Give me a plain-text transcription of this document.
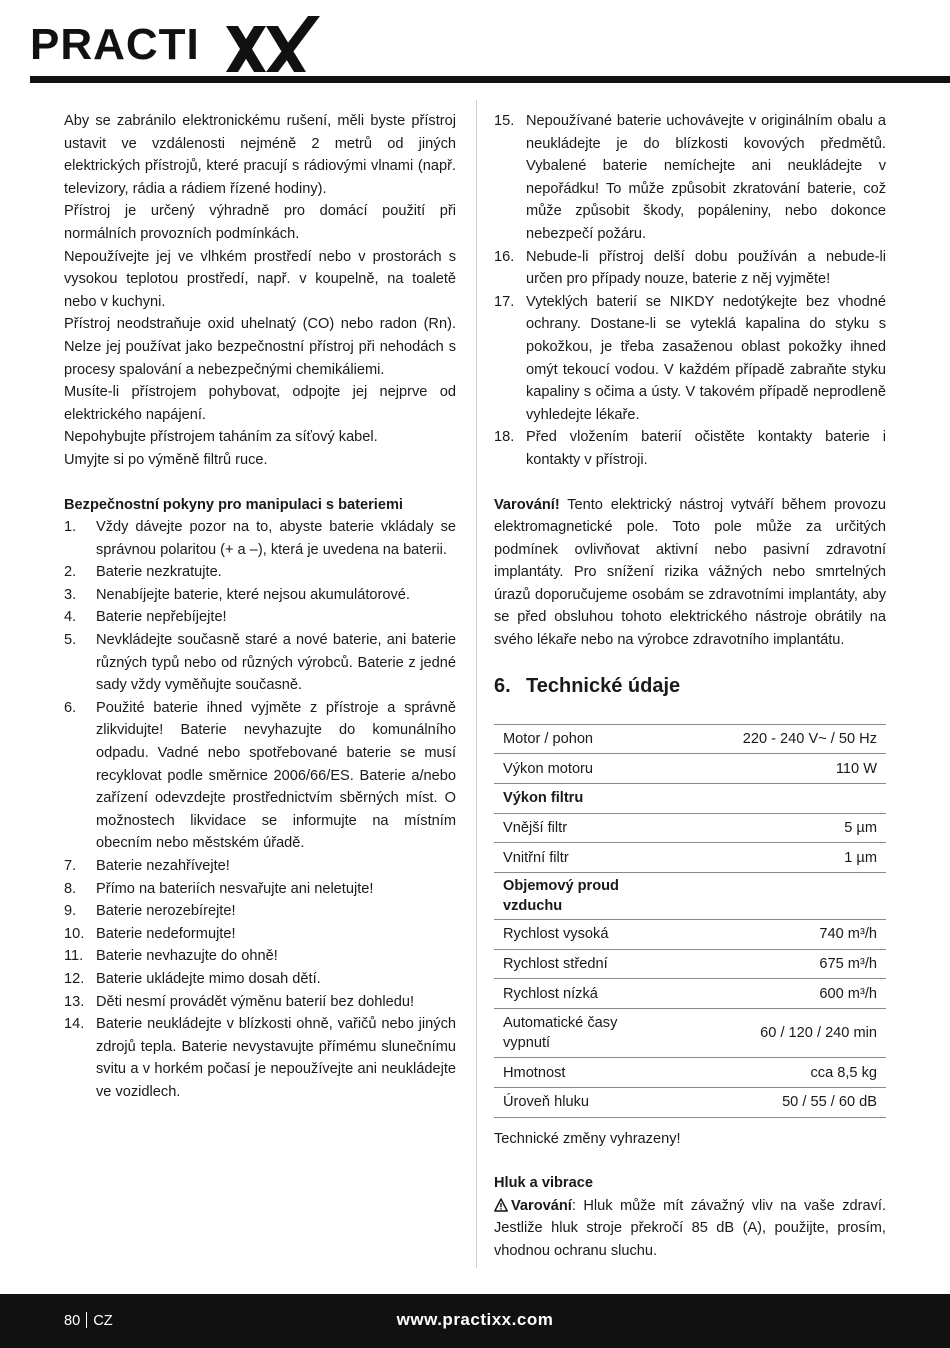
PRACTI

Aby se zabránilo elektronickému rušení, měli byste přístroj ustavit ve vzdálenosti nejméně 2 metrů od jiných elektrických přístrojů, které pracují s rádiovými vlnami (např. televizory, rádia a rádiem řízené hodiny).

Přístroj je určený výhradně pro domácí použití při normálních provozních podmínkách.

Nepoužívejte jej ve vlhkém prostředí nebo v prostorách s vysokou teplotou prostředí, např. v koupelně, na toaletě nebo v kuchyni.

Přístroj neodstraňuje oxid uhelnatý (CO) nebo radon (Rn). Nelze jej používat jako bezpečnostní přístroj při nehodách s procesy spalování a nebezpečnými chemikáliemi.

Musíte-li přístrojem pohybovat, odpojte jej nejprve od elektrického napájení.

Nepohybujte přístrojem taháním za síťový kabel.

Umyjte si po výměně filtrů ruce.

Bezpečnostní pokyny pro manipulaci s bateriemi

1. Vždy dávejte pozor na to, abyste baterie vkládaly se správnou polaritou (+ a –), která je uvedena na baterii.
2. Baterie nezkratujte.
3. Nenabíjejte baterie, které nejsou akumulátorové.
4. Baterie nepřebíjejte!
5. Nevkládejte současně staré a nové baterie, ani baterie různých typů nebo od různých výrobců. Baterie z jedné sady vždy vyměňujte současně.
6. Použité baterie ihned vyjměte z přístroje a správně zlikvidujte! Baterie nevyhazujte do komunálního odpadu. Vadné nebo spotřebované baterie se musí recyklovat podle směrnice 2006/66/ES. Baterie a/nebo zařízení odevzdejte prostřednictvím sběrných míst. O možnostech likvidace se informujte na místním obecním nebo městském úřadě.
7. Baterie nezahřívejte!
8. Přímo na bateriích nesvařujte ani neletujte!
9. Baterie nerozebírejte!
10. Baterie nedeformujte!
11. Baterie nevhazujte do ohně!
12. Baterie ukládejte mimo dosah dětí.
13. Děti nesmí provádět výměnu baterií bez dohledu!
14. Baterie neukládejte v blízkosti ohně, vařičů nebo jiných zdrojů tepla. Baterie nevystavujte přímému slunečnímu svitu a v horkém počasí je nepoužívejte ani neukládejte ve vozidlech.
15. Nepoužívané baterie uchovávejte v originálním obalu a neukládejte je do blízkosti kovových předmětů. Vybalené baterie nemíchejte ani neukládejte v nepořádku! To může způsobit zkratování baterie, což může způsobit škody, popáleniny, nebo dokonce nebezpečí požáru.
16. Nebude-li přístroj delší dobu používán a nebude-li určen pro případy nouze, baterie z něj vyjměte!
17. Vyteklých baterií se NIKDY nedotýkejte bez vhodné ochrany. Dostane-li se vyteklá kapalina do styku s pokožkou, je třeba zasaženou oblast pokožky ihned omýt tekoucí vodou. V každém případě zabraňte styku kapaliny s očima a ústy. V takovém případě neprodleně vyhledejte lékaře.
18. Před vložením baterií očistěte kontakty baterie i kontakty v přístroji.

Varování! Tento elektrický nástroj vytváří během provozu elektromagnetické pole. Toto pole může za určitých podmínek ovlivňovat aktivní nebo pasivní zdravotní implantáty. Pro snížení rizika vážných nebo smrtelných úrazů doporučujeme osobám se zdravotními implantáty, aby se před obsluhou tohoto elektrického nástroje obrátily na svého lékaře nebo na výrobce zdravotního implantátu.

6. Technické údaje
Motor / pohon	220 - 240 V~ / 50 Hz
Výkon motoru	110 W
Výkon filtru	
Vnější filtr	5 µm
Vnitřní filtr	1 µm
Objemový proud vzduchu	
Rychlost vysoká	740 m³/h
Rychlost střední	675 m³/h
Rychlost nízká	600 m³/h
Automatické časy vypnutí	60 / 120 / 240 min
Hmotnost	cca 8,5 kg
Úroveň hluku	50 / 55 / 60 dB

Technické změny vyhrazeny!

Hluk a vibrace

Varování: Hluk může mít závažný vliv na vaše zdraví. Jestliže hluk stroje překročí 85 dB (A), použijte, prosím, vhodnou ochranu sluchu.

80 CZ	www.practixx.com
